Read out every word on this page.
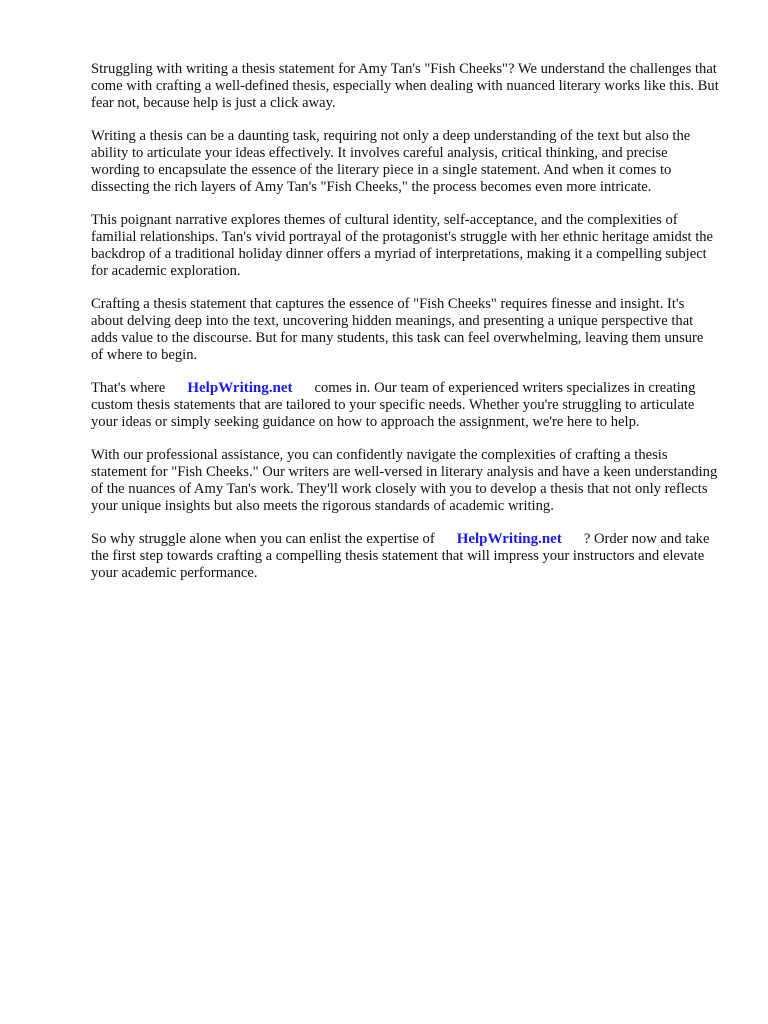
Struggling with writing a thesis statement for Amy Tan's "Fish Cheeks"? We understand the challenges that come with crafting a well-defined thesis, especially when dealing with nuanced literary works like this. But fear not, because help is just a click away.

Writing a thesis can be a daunting task, requiring not only a deep understanding of the text but also the ability to articulate your ideas effectively. It involves careful analysis, critical thinking, and precise wording to encapsulate the essence of the literary piece in a single statement. And when it comes to dissecting the rich layers of Amy Tan's "Fish Cheeks," the process becomes even more intricate.

This poignant narrative explores themes of cultural identity, self-acceptance, and the complexities of familial relationships. Tan's vivid portrayal of the protagonist's struggle with her ethnic heritage amidst the backdrop of a traditional holiday dinner offers a myriad of interpretations, making it a compelling subject for academic exploration.

Crafting a thesis statement that captures the essence of "Fish Cheeks" requires finesse and insight. It's about delving deep into the text, uncovering hidden meanings, and presenting a unique perspective that adds value to the discourse. But for many students, this task can feel overwhelming, leaving them unsure of where to begin.

That's where HelpWriting.net comes in. Our team of experienced writers specializes in creating custom thesis statements that are tailored to your specific needs. Whether you're struggling to articulate your ideas or simply seeking guidance on how to approach the assignment, we're here to help.

With our professional assistance, you can confidently navigate the complexities of crafting a thesis statement for "Fish Cheeks." Our writers are well-versed in literary analysis and have a keen understanding of the nuances of Amy Tan's work. They'll work closely with you to develop a thesis that not only reflects your unique insights but also meets the rigorous standards of academic writing.

So why struggle alone when you can enlist the expertise of HelpWriting.net ? Order now and take the first step towards crafting a compelling thesis statement that will impress your instructors and elevate your academic performance.
